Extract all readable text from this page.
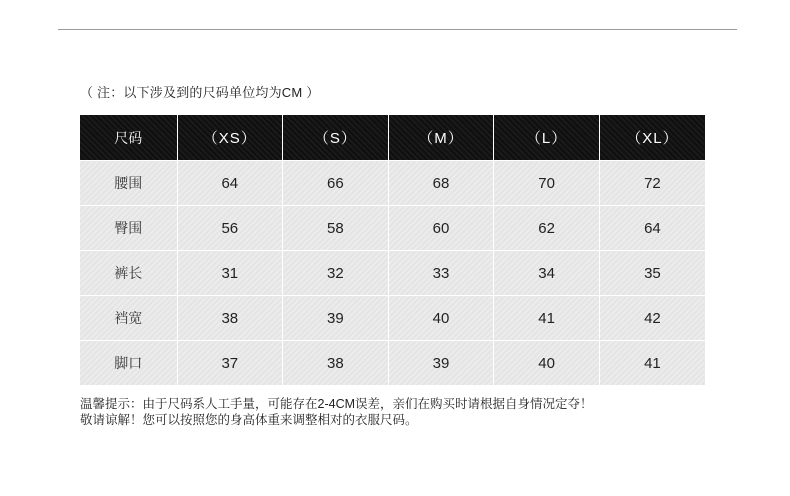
（ 注：以下涉及到的尺码单位均为CM ）
尺码	（XS）	（S）	（M）	（L）	（XL）
腰围	64	66	68	70	72
臀围	56	58	60	62	64
裤长	31	32	33	34	35
裆宽	38	39	40	41	42
脚口	37	38	39	40	41
温馨提示：由于尺码系人工手量，可能存在2-4CM误差，亲们在购买时请根据自身情况定夺！
敬请谅解！您可以按照您的身高体重来调整相对的衣服尺码。
